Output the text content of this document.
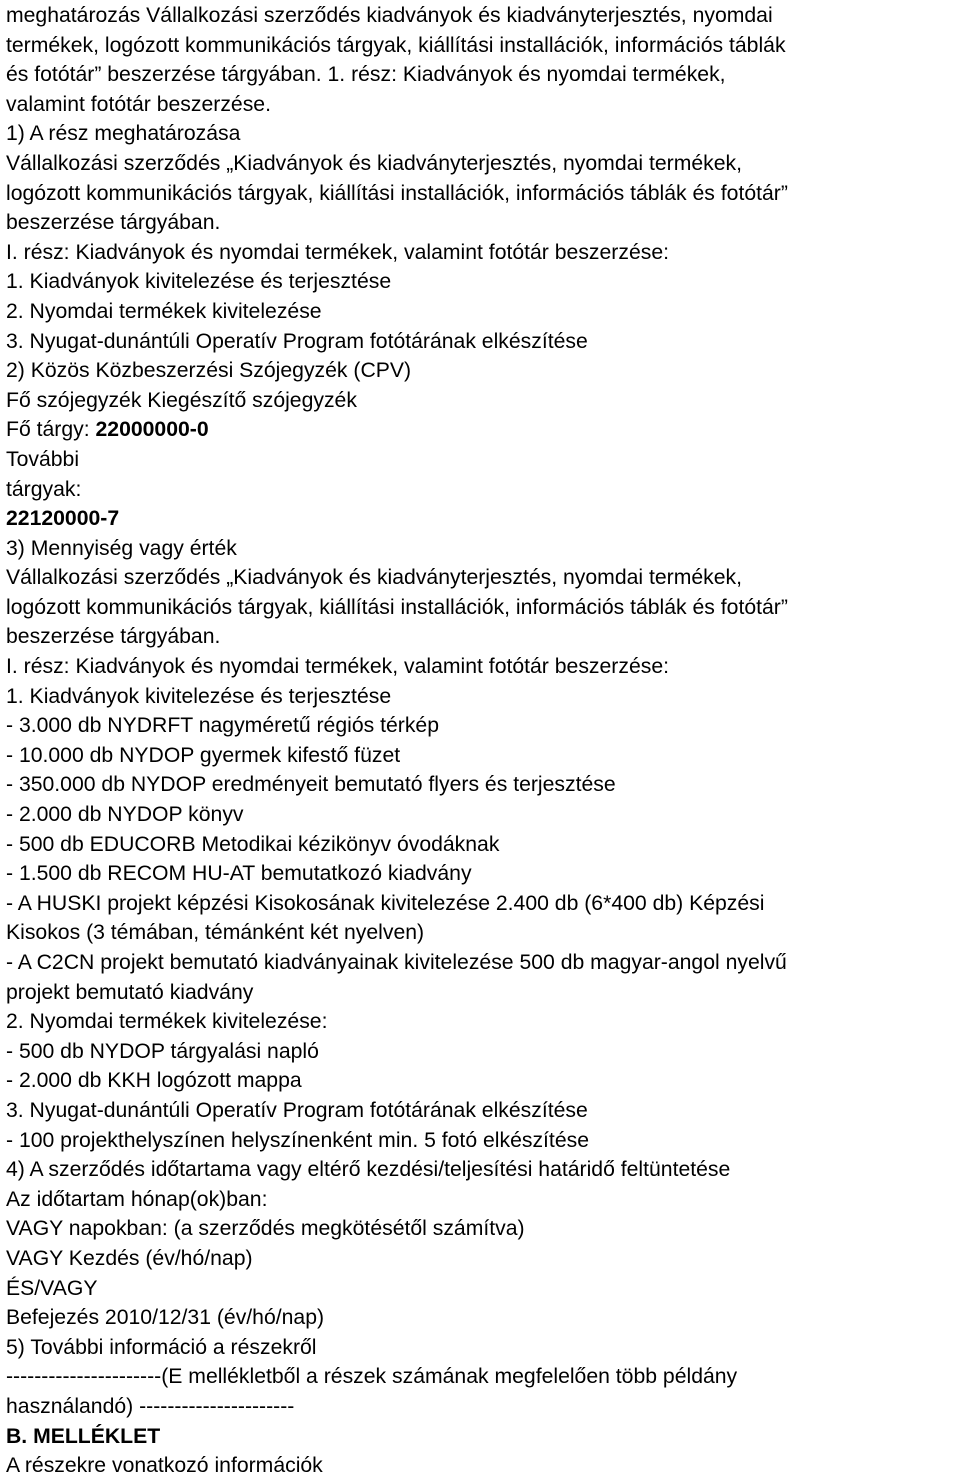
meghatározás Vállalkozási szerződés kiadványok és kiadványterjesztés, nyomdai
termékek, logózott kommunikációs tárgyak, kiállítási installációk, információs táblák
és fotótár” beszerzése tárgyában. 1. rész: Kiadványok és nyomdai termékek,
valamint fotótár beszerzése.
1) A rész meghatározása
Vállalkozási szerződés „Kiadványok és kiadványterjesztés, nyomdai termékek,
logózott kommunikációs tárgyak, kiállítási installációk, információs táblák és fotótár”
beszerzése tárgyában.
I. rész: Kiadványok és nyomdai termékek, valamint fotótár beszerzése:
1. Kiadványok kivitelezése és terjesztése
2. Nyomdai termékek kivitelezése
3. Nyugat-dunántúli Operatív Program fotótárának elkészítése
2) Közös Közbeszerzési Szójegyzék (CPV)
Fő szójegyzék Kiegészítő szójegyzék
Fő tárgy: 22000000-0
További
tárgyak:
22120000-7
3) Mennyiség vagy érték
Vállalkozási szerződés „Kiadványok és kiadványterjesztés, nyomdai termékek,
logózott kommunikációs tárgyak, kiállítási installációk, információs táblák és fotótár”
beszerzése tárgyában.
I. rész: Kiadványok és nyomdai termékek, valamint fotótár beszerzése:
1. Kiadványok kivitelezése és terjesztése
- 3.000 db NYDRFT nagyméretű régiós térkép
- 10.000 db NYDOP gyermek kifestő füzet
- 350.000 db NYDOP eredményeit bemutató flyers és terjesztése
- 2.000 db NYDOP könyv
- 500 db EDUCORB Metodikai kézikönyv óvodáknak
- 1.500 db RECOM HU-AT bemutatkozó kiadvány
- A HUSKI projekt képzési Kisokosának kivitelezése 2.400 db (6*400 db) Képzési
Kisokos (3 témában, témánként két nyelven)
- A C2CN projekt bemutató kiadványainak kivitelezése 500 db magyar-angol nyelvű
projekt bemutató kiadvány
2. Nyomdai termékek kivitelezése:
- 500 db NYDOP tárgyalási napló
- 2.000 db KKH logózott mappa
3. Nyugat-dunántúli Operatív Program fotótárának elkészítése
- 100 projekthelyszínen helyszínenként min. 5 fotó elkészítése
4) A szerződés időtartama vagy eltérő kezdési/teljesítési határidő feltüntetése
Az időtartam hónap(ok)ban:
VAGY napokban: (a szerződés megkötésétől számítva)
VAGY Kezdés (év/hó/nap)
ÉS/VAGY
Befejezés 2010/12/31 (év/hó/nap)
5) További információ a részekről
----------------------(E mellékletből a részek számának megfelelően több példány
használandó) ----------------------
B. MELLÉKLET
A részekre vonatkozó információk
